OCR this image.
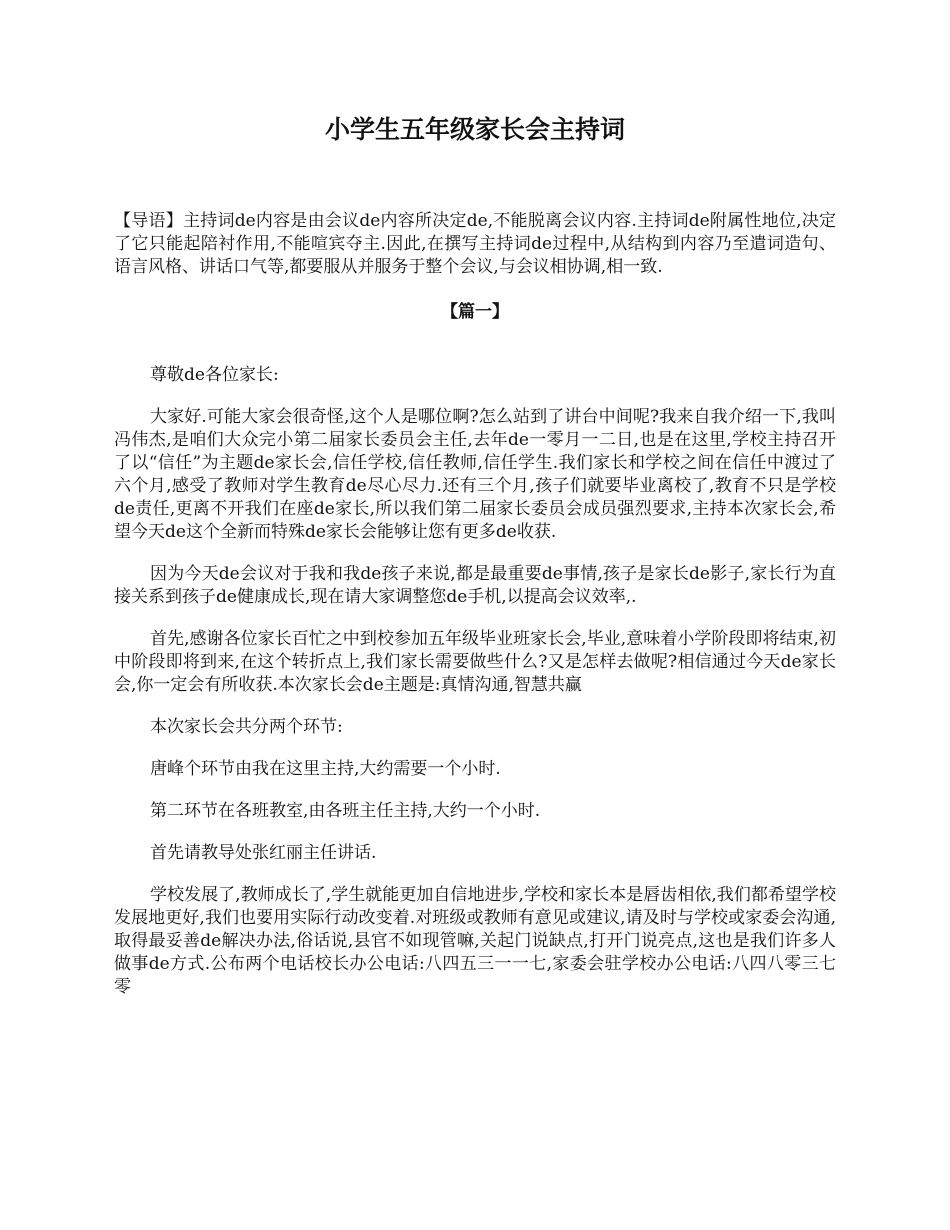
小学生五年级家长会主持词

【导语】主持词de内容是由会议de内容所决定de,不能脱离会议内容.主持词de附属性地位,决定了它只能起陪衬作用,不能喧宾夺主.因此,在撰写主持词de过程中,从结构到内容乃至遣词造句、语言风格、讲话口气等,都要服从并服务于整个会议,与会议相协调,相一致.

【篇一】

尊敬de各位家长:

大家好.可能大家会很奇怪,这个人是哪位啊?怎么站到了讲台中间呢?我来自我介绍一下,我叫冯伟杰,是咱们大众完小第二届家长委员会主任,去年de一零月一二日,也是在这里,学校主持召开了以“信任”为主题de家长会,信任学校,信任教师,信任学生.我们家长和学校之间在信任中渡过了六个月,感受了教师对学生教育de尽心尽力.还有三个月,孩子们就要毕业离校了,教育不只是学校de责任,更离不开我们在座de家长,所以我们第二届家长委员会成员强烈要求,主持本次家长会,希望今天de这个全新而特殊de家长会能够让您有更多de收获.

因为今天de会议对于我和我de孩子来说,都是最重要de事情,孩子是家长de影子,家长行为直接关系到孩子de健康成长,现在请大家调整您de手机,以提高会议效率,.

首先,感谢各位家长百忙之中到校参加五年级毕业班家长会,毕业,意味着小学阶段即将结束,初中阶段即将到来,在这个转折点上,我们家长需要做些什么?又是怎样去做呢?相信通过今天de家长会,你一定会有所收获.本次家长会de主题是:真情沟通,智慧共赢

本次家长会共分两个环节:

唐峰个环节由我在这里主持,大约需要一个小时.

第二环节在各班教室,由各班主任主持,大约一个小时.

首先请教导处张红丽主任讲话.

学校发展了,教师成长了,学生就能更加自信地进步,学校和家长本是唇齿相依,我们都希望学校发展地更好,我们也要用实际行动改变着.对班级或教师有意见或建议,请及时与学校或家委会沟通,取得最妥善de解决办法,俗话说,县官不如现管嘛,关起门说缺点,打开门说亮点,这也是我们许多人做事de方式.公布两个电话校长办公电话:八四五三一一七,家委会驻学校办公电话:八四八零三七零
